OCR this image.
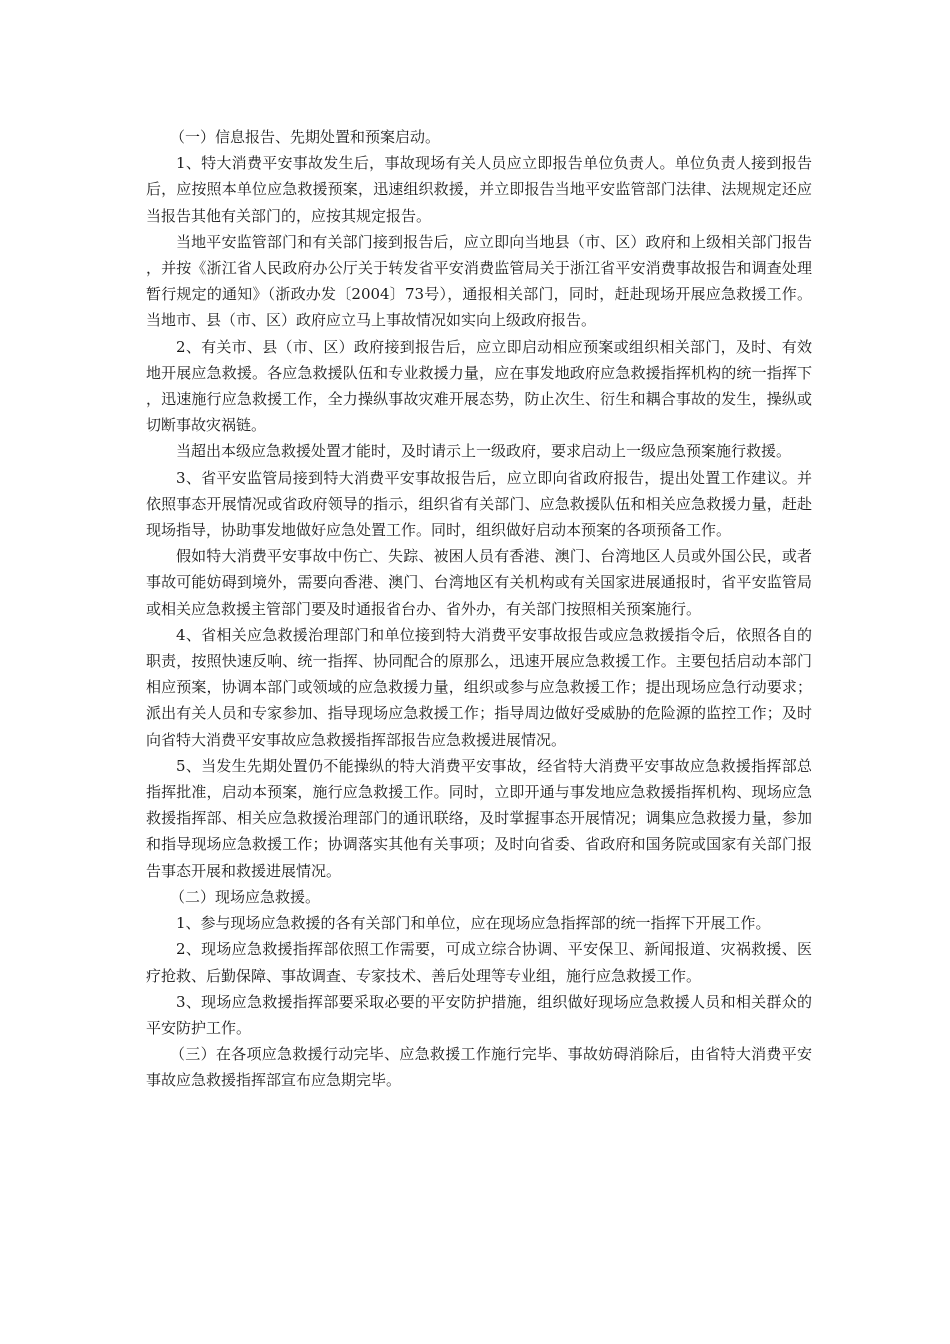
（一）信息报告、先期处置和预案启动。

1、特大消费平安事故发生后，事故现场有关人员应立即报告单位负责人。单位负责人接到报告后，应按照本单位应急救援预案，迅速组织救援，并立即报告当地平安监管部门法律、法规规定还应当报告其他有关部门的，应按其规定报告。

当地平安监管部门和有关部门接到报告后，应立即向当地县（市、区）政府和上级相关部门报告，并按《浙江省人民政府办公厅关于转发省平安消费监管局关于浙江省平安消费事故报告和调查处理暂行规定的通知》（浙政办发〔2004〕73号），通报相关部门，同时，赶赴现场开展应急救援工作。当地市、县（市、区）政府应立马上事故情况如实向上级政府报告。

2、有关市、县（市、区）政府接到报告后，应立即启动相应预案或组织相关部门，及时、有效地开展应急救援。各应急救援队伍和专业救援力量，应在事发地政府应急救援指挥机构的统一指挥下，迅速施行应急救援工作，全力操纵事故灾难开展态势，防止次生、衍生和耦合事故的发生，操纵或切断事故灾祸链。

当超出本级应急救援处置才能时，及时请示上一级政府，要求启动上一级应急预案施行救援。

3、省平安监管局接到特大消费平安事故报告后，应立即向省政府报告，提出处置工作建议。并依照事态开展情况或省政府领导的指示，组织省有关部门、应急救援队伍和相关应急救援力量，赶赴现场指导，协助事发地做好应急处置工作。同时，组织做好启动本预案的各项预备工作。

假如特大消费平安事故中伤亡、失踪、被困人员有香港、澳门、台湾地区人员或外国公民，或者事故可能妨碍到境外，需要向香港、澳门、台湾地区有关机构或有关国家进展通报时，省平安监管局或相关应急救援主管部门要及时通报省台办、省外办，有关部门按照相关预案施行。

4、省相关应急救援治理部门和单位接到特大消费平安事故报告或应急救援指令后，依照各自的职责，按照快速反响、统一指挥、协同配合的原那么，迅速开展应急救援工作。主要包括启动本部门相应预案，协调本部门或领域的应急救援力量，组织或参与应急救援工作；提出现场应急行动要求；派出有关人员和专家参加、指导现场应急救援工作；指导周边做好受威胁的危险源的监控工作；及时向省特大消费平安事故应急救援指挥部报告应急救援进展情况。

5、当发生先期处置仍不能操纵的特大消费平安事故，经省特大消费平安事故应急救援指挥部总指挥批准，启动本预案，施行应急救援工作。同时，立即开通与事发地应急救援指挥机构、现场应急救援指挥部、相关应急救援治理部门的通讯联络，及时掌握事态开展情况；调集应急救援力量，参加和指导现场应急救援工作；协调落实其他有关事项；及时向省委、省政府和国务院或国家有关部门报告事态开展和救援进展情况。

（二）现场应急救援。

1、参与现场应急救援的各有关部门和单位，应在现场应急指挥部的统一指挥下开展工作。

2、现场应急救援指挥部依照工作需要，可成立综合协调、平安保卫、新闻报道、灾祸救援、医疗抢救、后勤保障、事故调查、专家技术、善后处理等专业组，施行应急救援工作。

3、现场应急救援指挥部要采取必要的平安防护措施，组织做好现场应急救援人员和相关群众的平安防护工作。

（三）在各项应急救援行动完毕、应急救援工作施行完毕、事故妨碍消除后，由省特大消费平安事故应急救援指挥部宣布应急期完毕。
